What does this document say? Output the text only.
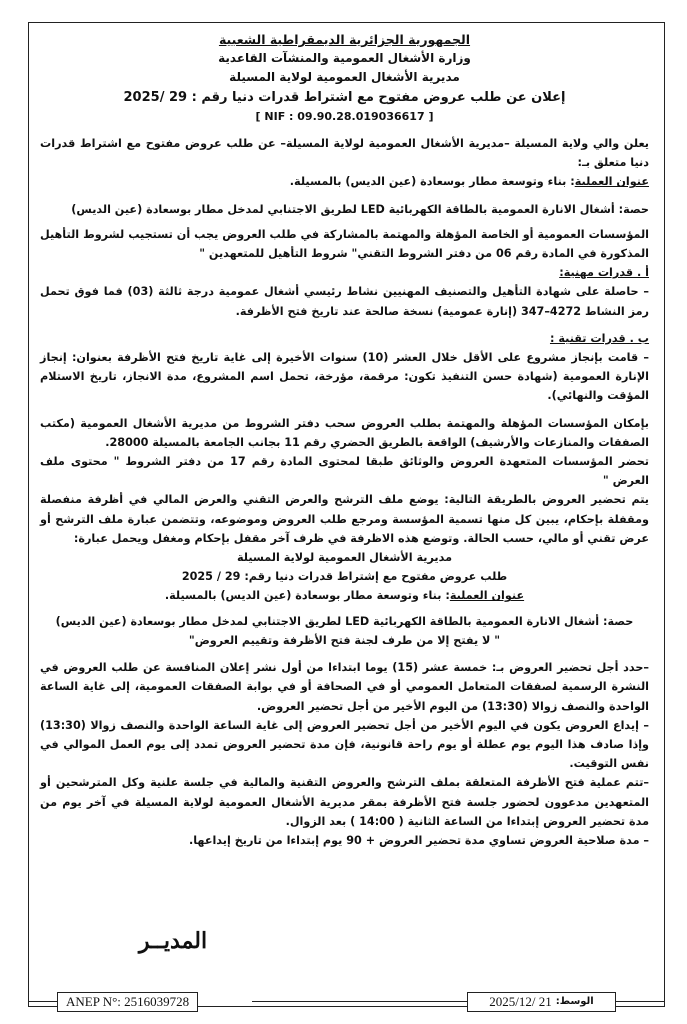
الجمهورية الجزائرية الديمقراطية الشعبية

وزارة الأشغال العمومية والمنشآت القاعدية

مديرية الأشغال العمومية لولاية المسيلة

إعلان عن طلب عروض مفتوح مع اشتراط قدرات دنيا رقم : 29 /2025

[ NIF : 09.90.28.019036617 ]

يعلن والي ولاية المسيلة –مديرية الأشغال العمومية لولاية المسيلة– عن طلب عروض مفتوح مع اشتراط قدرات دنيا متعلق بـ:

عنوان العملية: بناء وتوسعة مطار بوسعادة (عين الديس) بالمسيلة.

حصة: أشغال الانارة العمومية بالطاقة الكهربائية LED لطريق الاجتنابي لمدخل مطار بوسعادة (عين الديس)

المؤسسات العمومية أو الخاصة المؤهلة والمهتمة بالمشاركة في طلب العروض يجب أن تستجيب لشروط التأهيل المذكورة في المادة رقم 06 من دفتر الشروط التقني" شروط التأهيل للمتعهدين "

أ . قدرات مهنية:

– حاصلة على شهادة التأهيل والتصنيف المهنيين نشاط رئيسي أشغال عمومية درجة ثالثة (03) فما فوق تحمل رمز النشاط 4272–347 (إنارة عمومية) نسخة صالحة عند تاريخ فتح الأظرفة.

ب . قدرات تقنية :

– قامت بإنجاز مشروع على الأقل خلال العشر (10) سنوات الأخيرة إلى غاية تاريخ فتح الأظرفة بعنوان: إنجاز الإنارة العمومية (شهادة حسن التنفيذ تكون: مرقمة، مؤرخة، تحمل اسم المشروع، مدة الانجاز، تاريخ الاستلام المؤقت والنهائي).

بإمكان المؤسسات المؤهلة والمهتمة بطلب العروض سحب دفتر الشروط من مديرية الأشغال العمومية (مكتب الصفقات والمنازعات والأرشيف) الواقعة بالطريق الحضري رقم 11 بجانب الجامعة بالمسيلة 28000.

تحضر المؤسسات المتعهدة العروض والوثائق طبقا لمحتوى المادة رقم 17 من دفتر الشروط " محتوى ملف العرض "

يتم تحضير العروض بالطريقة التالية: يوضع ملف الترشح والعرض التقني والعرض المالي في أظرفة منفصلة ومقفلة بإحكام، يبين كل منها تسمية المؤسسة ومرجع طلب العروض وموضوعه، وتتضمن عبارة ملف الترشح أو عرض تقني أو مالي، حسب الحالة. وتوضع هذه الاظرفة في ظرف آخر مقفل بإحكام ومغفل ويحمل عبارة:

مديرية الأشغال العمومية لولاية المسيلة

طلب عروض مفتوح مع إشتراط قدرات دنيا رقم: 29 / 2025

عنوان العملية: بناء وتوسعة مطار بوسعادة (عين الديس) بالمسيلة.

حصة: أشغال الانارة العمومية بالطاقة الكهربائية LED لطريق الاجتنابي لمدخل مطار بوسعادة (عين الديس)

" لا يفتح إلا من طرف لجنة فتح الأظرفة وتقييم العروض"

–حدد أجل تحضير العروض بـ: خمسة عشر (15) يوما ابتداءا من أول نشر إعلان المنافسة عن طلب العروض في النشرة الرسمية لصفقات المتعامل العمومي أو في الصحافة أو في بوابة الصفقات العمومية، إلى غاية الساعة الواحدة والنصف زوالا (13:30) من اليوم الأخير من أجل تحضير العروض.

– إيداع العروض يكون في اليوم الأخير من أجل تحضير العروض إلى غاية الساعة الواحدة والنصف زوالا (13:30) وإذا صادف هذا اليوم يوم عطلة أو يوم راحة قانونية، فإن مدة تحضير العروض تمدد إلى يوم العمل الموالي في نفس التوقيت.

–تتم عملية فتح الأظرفة المتعلقة بملف الترشح والعروض التقنية والمالية في جلسة علنية وكل المترشحين أو المتعهدين مدعوون لحضور جلسة فتح الأظرفة بمقر مديرية الأشغال العمومية لولاية المسيلة في آخر يوم من مدة تحضير العروض إبتداءا من الساعة الثانية ( 14:00 ) بعد الزوال.

– مدة صلاحية العروض تساوي مدة تحضير العروض + 90 يوم إبتداءا من تاريخ إيداعها.

المديــر
ANEP N°: 2516039728	2025/12/ 21 الوسط:
